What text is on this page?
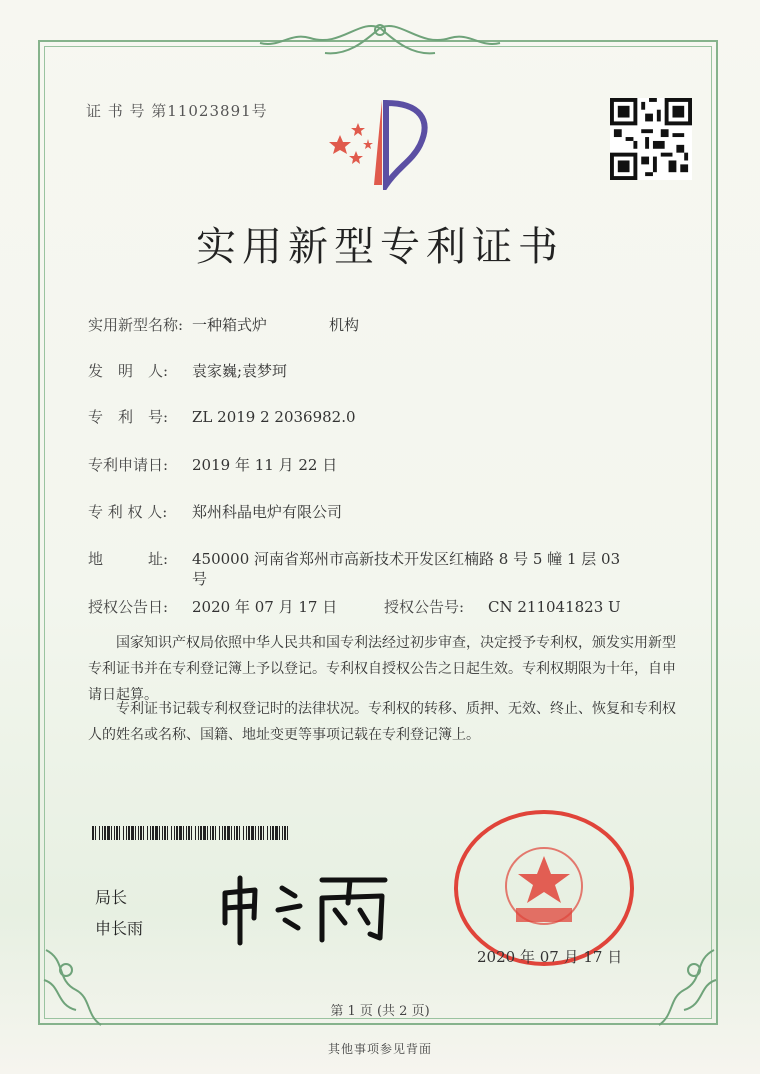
证 书 号 第11023891号
实用新型专利证书
实用新型名称: 一种箱式炉	机构
发　明　人: 袁家巍;袁梦珂
专　利　号: ZL 2019 2 2036982.0
专利申请日: 2019 年 11 月 22 日
专 利 权 人: 郑州科晶电炉有限公司
地　　　址: 450000 河南省郑州市高新技术开发区红楠路 8 号 5 幢 1 层 03
号
授权公告日: 2020 年 07 月 17 日	授权公告号: CN 211041823 U
国家知识产权局依照中华人民共和国专利法经过初步审查，决定授予专利权，颁发实用新型专利证书并在专利登记簿上予以登记。专利权自授权公告之日起生效。专利权期限为十年，自申请日起算。
专利证书记载专利权登记时的法律状况。专利权的转移、质押、无效、终止、恢复和专利权人的姓名或名称、国籍、地址变更等事项记载在专利登记簿上。
局长
申长雨
2020 年 07 月 17 日
第 1 页 (共 2 页)
其他事项参见背面
